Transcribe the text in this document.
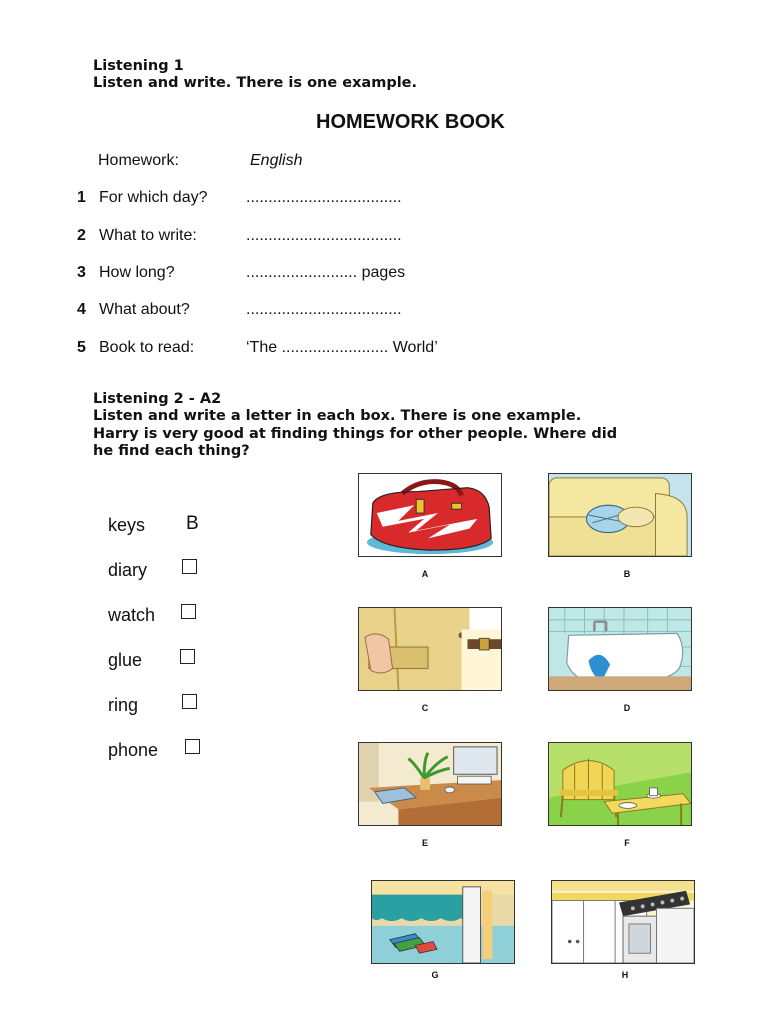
Listening 1
Listen and write. There is one example.
HOMEWORK BOOK
Homework:	English
1 For which day? ...................................
2 What to write:	...................................
3 How long?	......................... pages
4 What about?	...................................
5 Book to read:	‘The ........................ World’
Listening 2 - A2
Listen and write a letter in each box. There is one example.
Harry is very good at finding things for other people. Where did
he find each thing?
keys B
diary
watch
glue
ring
phone
A	B
C	D
E	F
G	H
